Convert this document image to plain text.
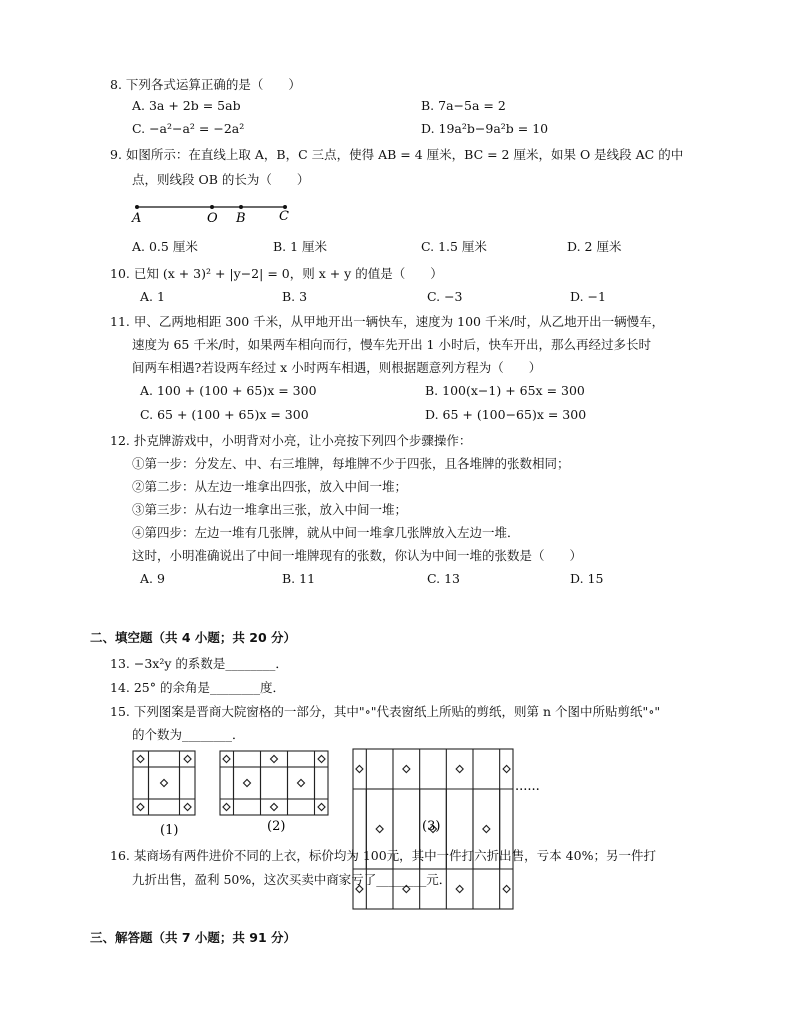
8. 下列各式运算正确的是（　　）
A. 3a + 2b = 5ab	B. 7a−5a = 2
C. −a²−a² = −2a²	D. 19a²b−9a²b = 10
9. 如图所示：在直线上取 A，B，C 三点，使得 AB = 4 厘米，BC = 2 厘米，如果 O 是线段 AC 的中
点，则线段 OB 的长为（　　）
A	O B	C
A. 0.5 厘米	B. 1 厘米	C. 1.5 厘米	D. 2 厘米
10. 已知 (x + 3)² + |y−2| = 0，则 x + y 的值是（　　）
A. 1	B. 3	C. −3	D. −1
11. 甲、乙两地相距 300 千米，从甲地开出一辆快车，速度为 100 千米/时，从乙地开出一辆慢车，
速度为 65 千米/时，如果两车相向而行，慢车先开出 1 小时后，快车开出，那么再经过多长时
间两车相遇?若设两车经过 x 小时两车相遇，则根据题意列方程为（　　）
A. 100 + (100 + 65)x = 300	B. 100(x−1) + 65x = 300
C. 65 + (100 + 65)x = 300	D. 65 + (100−65)x = 300
12. 扑克牌游戏中，小明背对小亮，让小亮按下列四个步骤操作：
①第一步：分发左、中、右三堆牌，每堆牌不少于四张，且各堆牌的张数相同；
②第二步：从左边一堆拿出四张，放入中间一堆；
③第三步：从右边一堆拿出三张，放入中间一堆；
④第四步：左边一堆有几张牌，就从中间一堆拿几张牌放入左边一堆．
这时，小明准确说出了中间一堆牌现有的张数，你认为中间一堆的张数是（　　）
A. 9	B. 11	C. 13	D. 15
二、填空题（共 4 小题；共 20 分）
13. −3x²y 的系数是________．
14. 25° 的余角是________度．
15. 下列图案是晋商大院窗格的一部分，其中"∘"代表窗纸上所贴的剪纸，则第 n 个图中所贴剪纸"∘"
的个数为________．
(1)	(2)	(3)
......
16. 某商场有两件进价不同的上衣，标价均为 100元，其中一件打六折出售，亏本 40%；另一件打
九折出售，盈利 50%，这次买卖中商家亏了________元．
三、解答题（共 7 小题；共 91 分）
